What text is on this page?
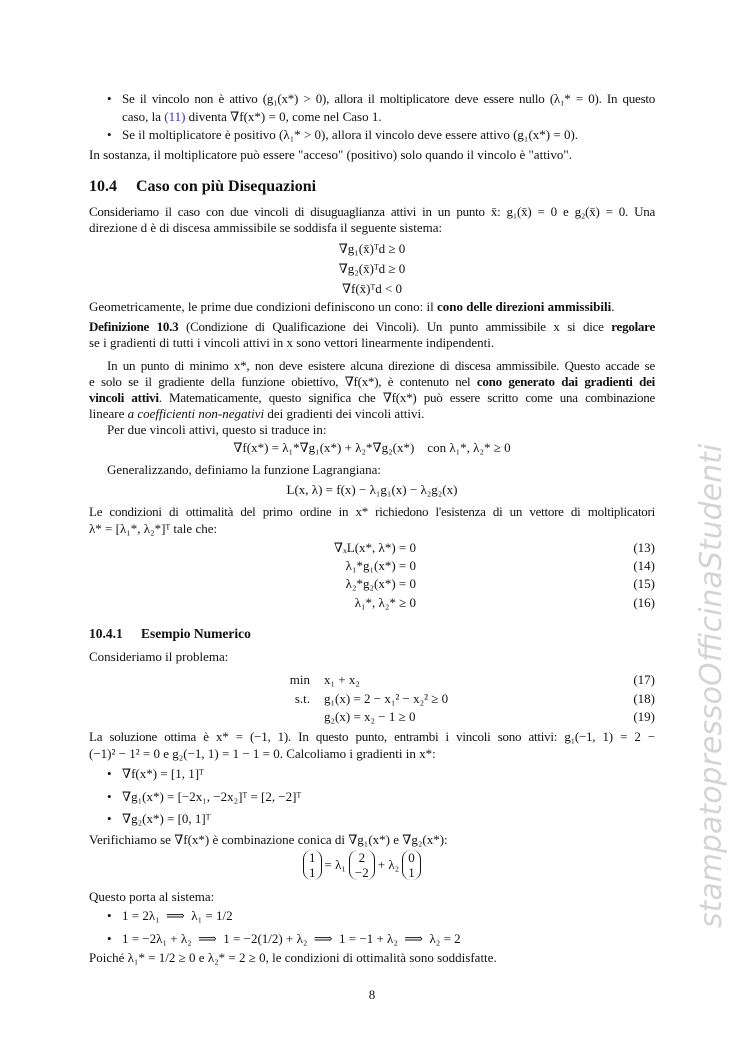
stampatopressoOfficinaStudenti
• Se il vincolo non è attivo (g₁(x*) > 0), allora il moltiplicatore deve essere nullo (λ₁* = 0). In questo
caso, la (11) diventa ∇f(x*) = 0, come nel Caso 1.
• Se il moltiplicatore è positivo (λ₁* > 0), allora il vincolo deve essere attivo (g₁(x*) = 0).
In sostanza, il moltiplicatore può essere "acceso" (positivo) solo quando il vincolo è "attivo".
10.4 Caso con più Disequazioni
Consideriamo il caso con due vincoli di disuguaglianza attivi in un punto x̄: g₁(x̄) = 0 e g₂(x̄) = 0. Una
direzione d è di discesa ammissibile se soddisfa il seguente sistema:
∇g₁(x̄)ᵀd ≥ 0
∇g₂(x̄)ᵀd ≥ 0
∇f(x̄)ᵀd < 0
Geometricamente, le prime due condizioni definiscono un cono: il cono delle direzioni ammissibili.
Definizione 10.3 (Condizione di Qualificazione dei Vincoli). Un punto ammissibile x si dice regolare
se i gradienti di tutti i vincoli attivi in x sono vettori linearmente indipendenti.
In un punto di minimo x*, non deve esistere alcuna direzione di discesa ammissibile. Questo accade se
e solo se il gradiente della funzione obiettivo, ∇f(x*), è contenuto nel cono generato dai gradienti dei
vincoli attivi. Matematicamente, questo significa che ∇f(x*) può essere scritto come una combinazione
lineare a coefficienti non-negativi dei gradienti dei vincoli attivi.
Per due vincoli attivi, questo si traduce in:
∇f(x*) = λ₁*∇g₁(x*) + λ₂*∇g₂(x*)    con λ₁*, λ₂* ≥ 0
Generalizzando, definiamo la funzione Lagrangiana:
L(x, λ) = f(x) − λ₁g₁(x) − λ₂g₂(x)
Le condizioni di ottimalità del primo ordine in x* richiedono l'esistenza di un vettore di moltiplicatori
λ* = [λ₁*, λ₂*]ᵀ tale che:
∇ₓL(x*, λ*) = 0	(13)
λ₁*g₁(x*) = 0	(14)
λ₂*g₂(x*) = 0	(15)
λ₁*, λ₂* ≥ 0	(16)
10.4.1 Esempio Numerico
Consideriamo il problema:
min x₁ + x₂	(17)
s.t. g₁(x) = 2 − x₁² − x₂² ≥ 0	(18)
g₂(x) = x₂ − 1 ≥ 0	(19)
La soluzione ottima è x* = (−1, 1). In questo punto, entrambi i vincoli sono attivi: g₁(−1, 1) = 2 −
(−1)² − 1² = 0 e g₂(−1, 1) = 1 − 1 = 0. Calcoliamo i gradienti in x*:
• ∇f(x*) = [1, 1]ᵀ
• ∇g₁(x*) = [−2x₁, −2x₂]ᵀ = [2, −2]ᵀ
• ∇g₂(x*) = [0, 1]ᵀ
Verifichiamo se ∇f(x*) è combinazione conica di ∇g₁(x*) e ∇g₂(x*):
1
1
= λ₁ 2
−2
+ λ₂ 0
1
Questo porta al sistema:
• 1 = 2λ₁  ⟹  λ₁ = 1/2
• 1 = −2λ₁ + λ₂  ⟹  1 = −2(1/2) + λ₂  ⟹  1 = −1 + λ₂  ⟹  λ₂ = 2
Poiché λ₁* = 1/2 ≥ 0 e λ₂* = 2 ≥ 0, le condizioni di ottimalità sono soddisfatte.
8
